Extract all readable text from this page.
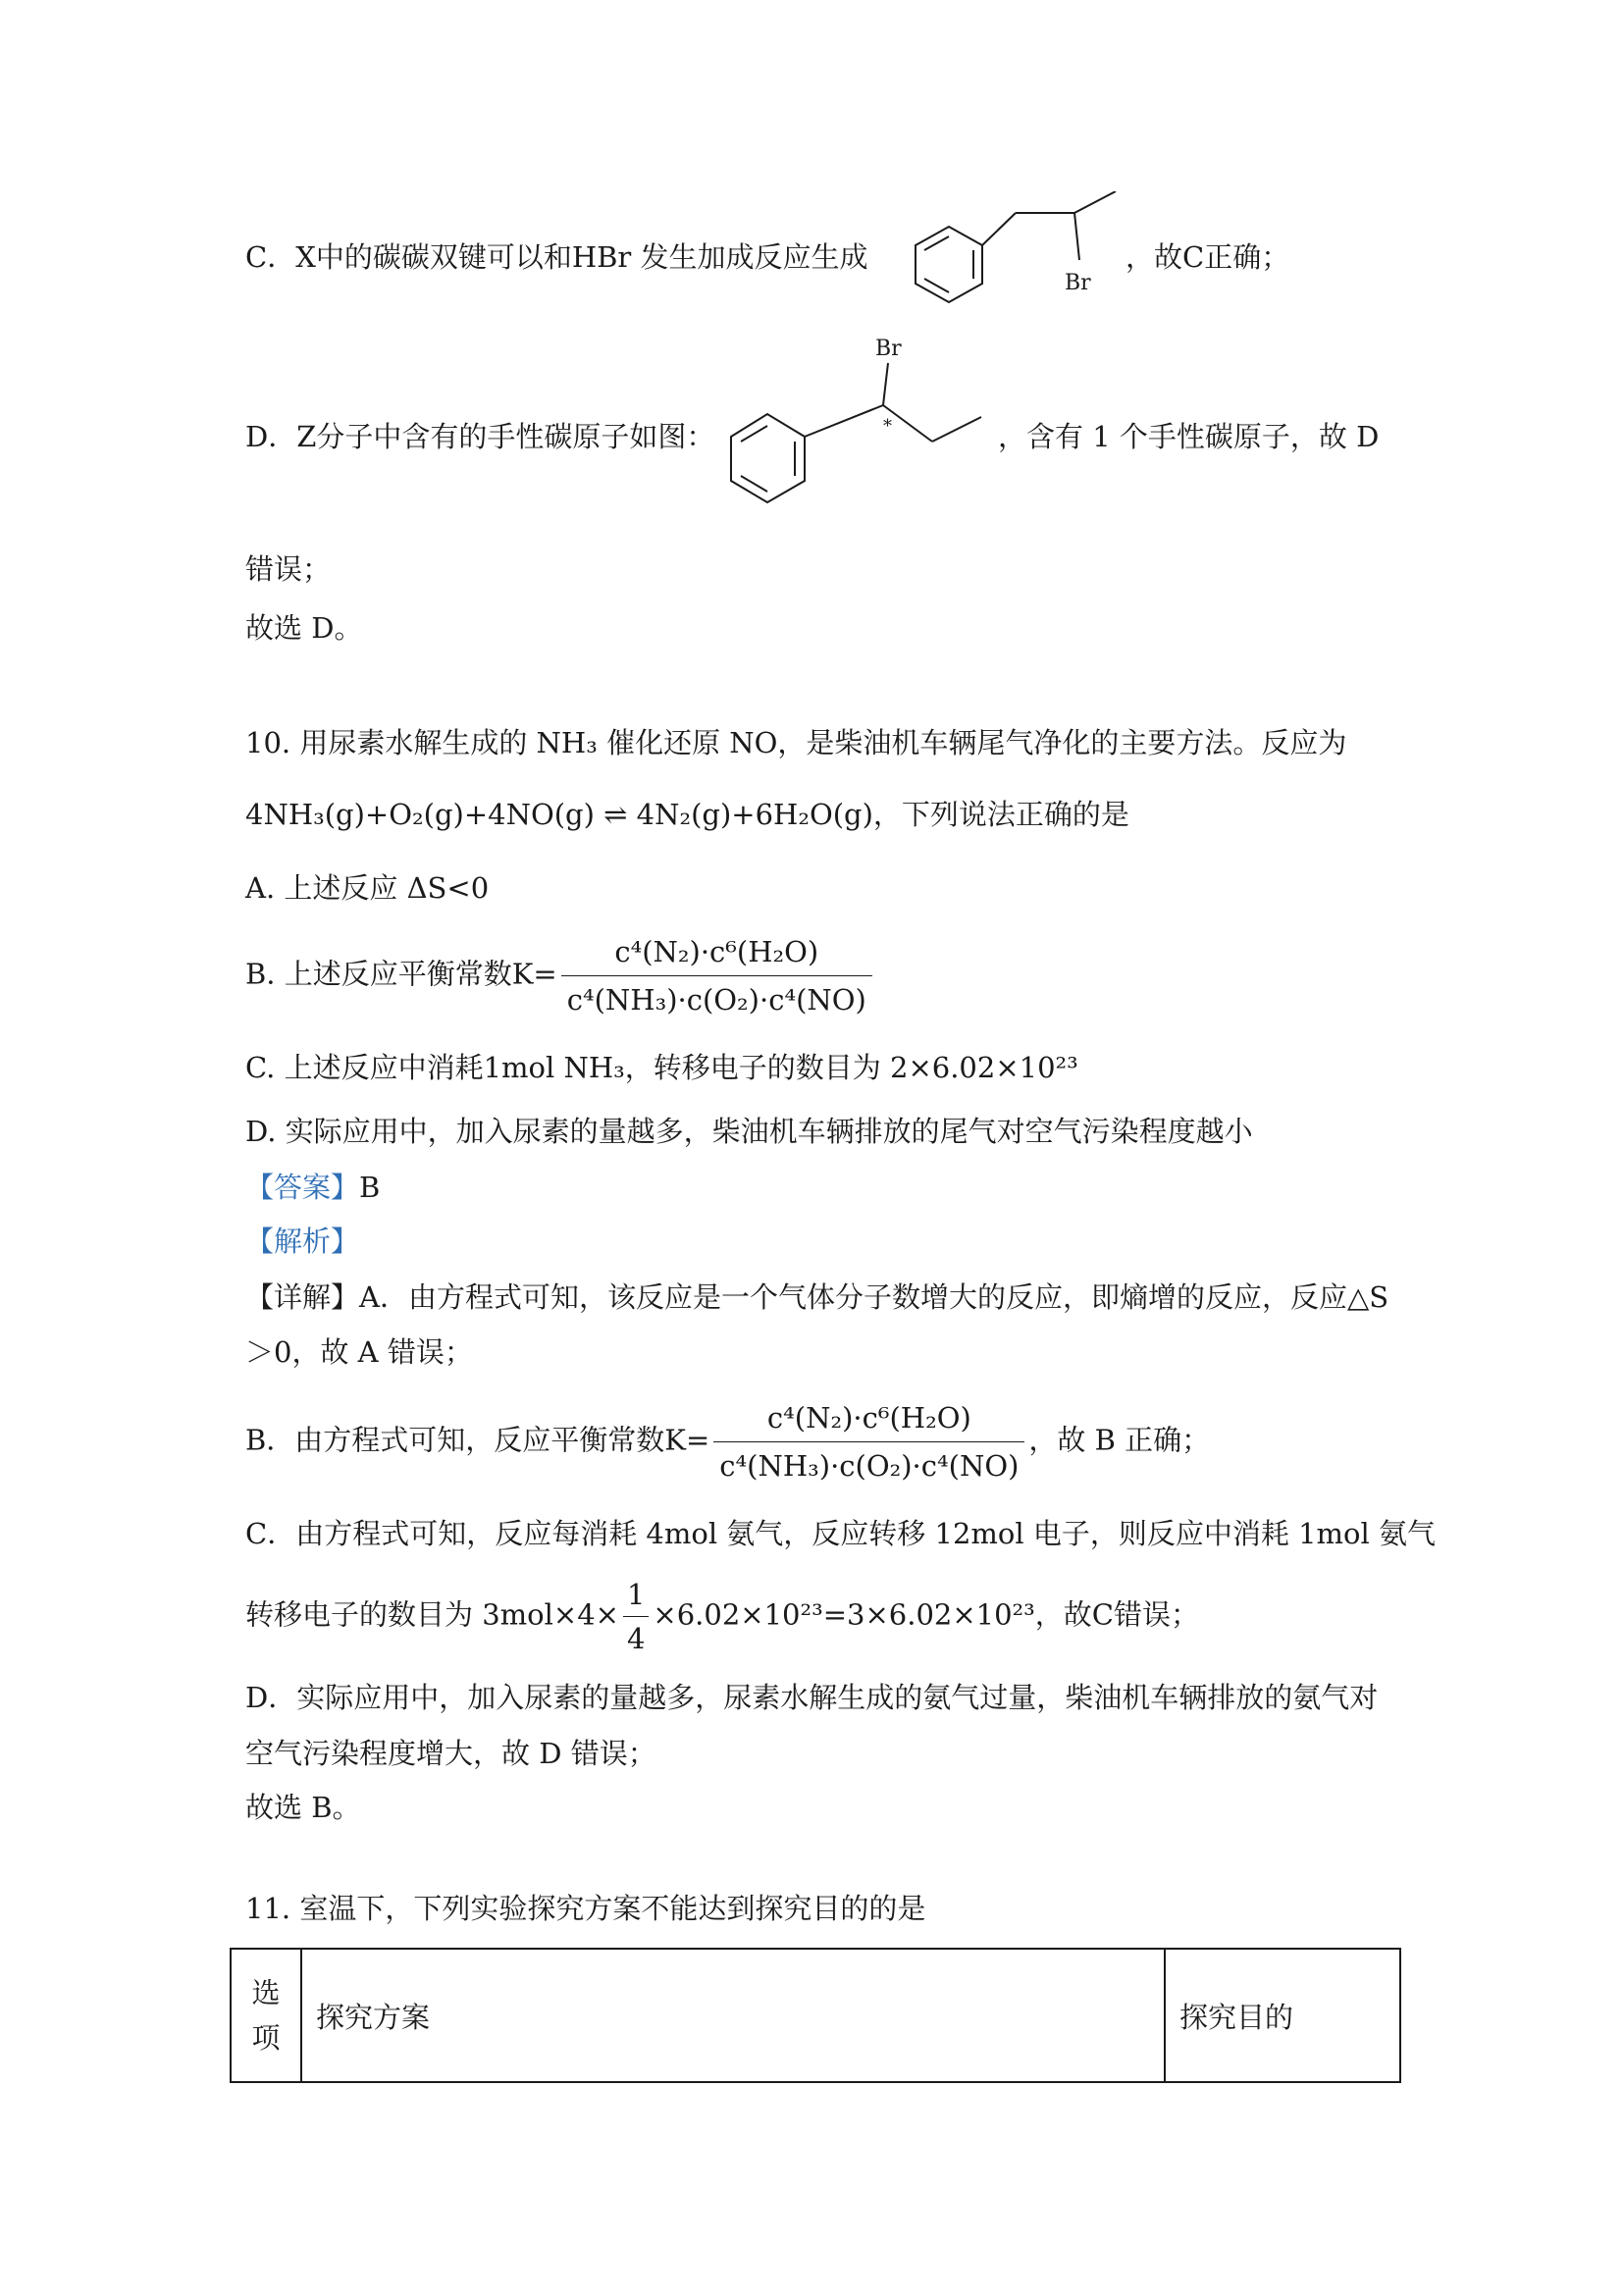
C．X中的碳碳双键可以和HBr 发生加成反应生成
Br
，故C正确；
D．Z分子中含有的手性碳原子如图：
Br
*	，含有 1 个手性碳原子，故 D
错误；
故选 D。
10. 用尿素水解生成的 NH₃ 催化还原 NO，是柴油机车辆尾气净化的主要方法。反应为
4NH₃(g)+O₂(g)+4NO(g) ⇌ 4N₂(g)+6H₂O(g)，下列说法正确的是
A. 上述反应 ΔS<0
B. 上述反应平衡常数$K= \frac{\text{c⁴(N₂)·c⁶(H₂O)}}{\text{c⁴(NH₃)·c(O₂)·c⁴(NO)}}$
C. 上述反应中消耗1mol NH₃，转移电子的数目为 2×6.02×10²³
D. 实际应用中，加入尿素的量越多，柴油机车辆排放的尾气对空气污染程度越小
【答案】B
【解析】
【详解】A．由方程式可知，该反应是一个气体分子数增大的反应，即熵增的反应，反应△S
＞0，故 A 错误；
B．由方程式可知，反应平衡常数$K= \frac{\text{c⁴(N₂)·c⁶(H₂O)}}{\text{c⁴(NH₃)·c(O₂)·c⁴(NO)}}$ ，故 B 正确；
C．由方程式可知，反应每消耗 4mol 氨气，反应转移 12mol 电子，则反应中消耗 1mol 氨气
转移电子的数目为 $3mol\times 4\times \frac{1}{4} \times 6.02\times 10^{23}=3\times 6.02\times 10^{23}$，故C错误；
D．实际应用中，加入尿素的量越多，尿素水解生成的氨气过量，柴油机车辆排放的氨气对
空气污染程度增大，故 D 错误；
故选 B。
11. 室温下，下列实验探究方案不能达到探究目的的是
选
项
	探究方案	探究目的
